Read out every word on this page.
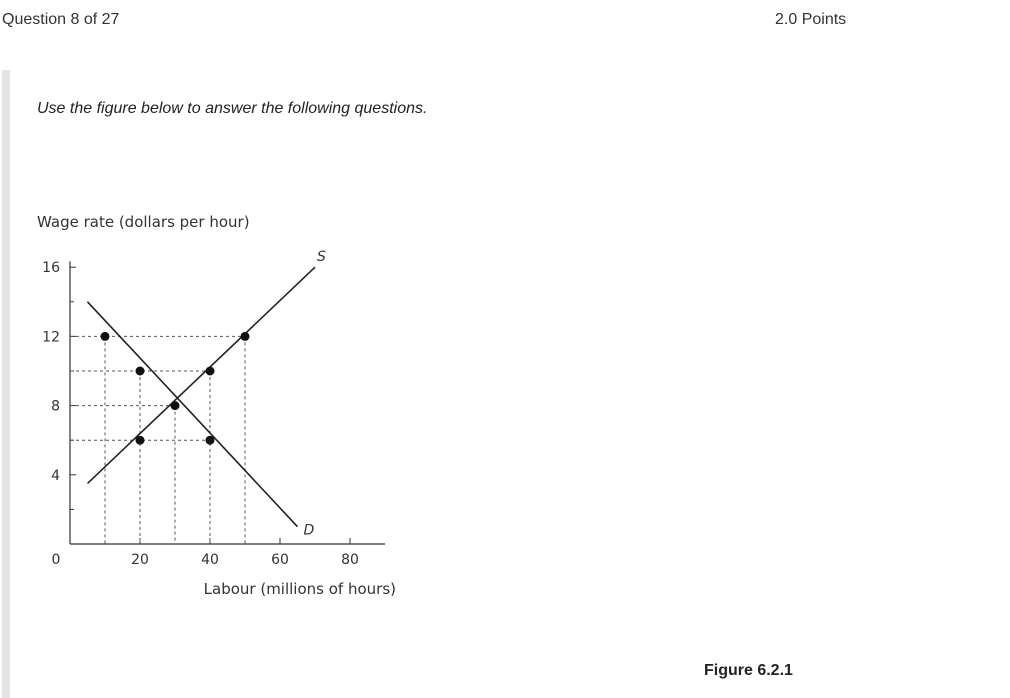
Question 8 of 27	2.0 Points
Use the figure below to answer the following questions.
Wage rate (dollars per hour)
Labour (millions of hours)
4
8
12
16
0	20	40	60	80
S
D
Figure 6.2.1
